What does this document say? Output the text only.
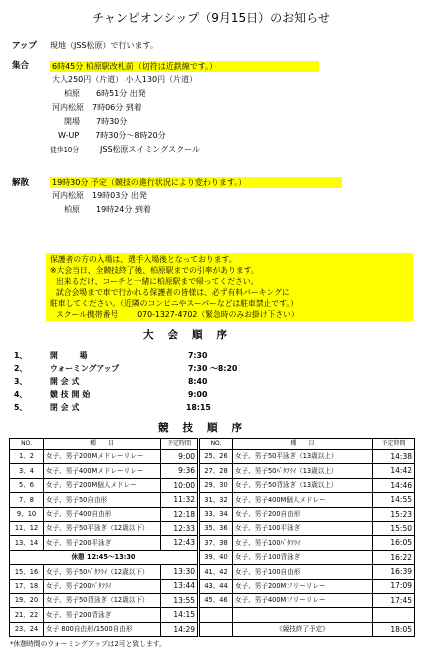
チャンピオンシップ（9月15日）のお知らせ
アップ 現地（JSS松原）で行います。
集合	6時45分 柏原駅改札前（切符は近鉄線です。）
大人250円（片道） 小人130円（片道）
柏原　　6時51分 出発
河内松原　7時06分 到着
開場　　7時30分
W-UP　　7時30分～8時20分
徒歩10分	JSS松原スイミングスクール
解散	19時30分 予定（競技の進行状況により変わります。）
河内松原　19時03分 出発
柏原　　19時24分 到着
保護者の方の入場は、選手入場後となっております。
※大会当日、全競技終了後、柏原駅までの引率があります。
出来るだけ、コーチと一緒に柏原駅まで帰ってください。
試合会場まで車で行かれる保護者の皆様は、必ず有料パーキングに
駐車してください。（近隣のコンビニやスーパーなどは駐車禁止です。）
スクール携帯番号 070-1327-4702（緊急時のみお掛け下さい）
大会順序
1、	開　場	7:30
2、	ウォーミングアップ	7:30 ～8:20
3、	開会式	8:40
4、	競技開始	9:00
5、	閉会式	18:15
競技順序
NO.	種　　目	予定時間	NO.	種　　目	予定時間
1、2	女子、男子200Mメドレーリレー	9:00	25、26	女子、男子50平泳ぎ（13歳以上）	14:38
3、4	女子、男子400Mメドレーリレー	9:36	27、28	女子、男子50ﾊﾞﾀﾌﾗｲ（13歳以上）	14:42
5、6	女子、男子200M個人メドレー	10:00	29、30	女子、男子50背泳ぎ（13歳以上）	14:46
7、8	女子、男子50自由形	11:32	31、32	女子、男子400M個人メドレー	14:55
9、10	女子、男子400自由形	12:18	33、34	女子、男子200自由形	15:23
11、12	女子、男子50平泳ぎ（12歳以下）	12:33	35、36	女子、男子100平泳ぎ	15:50
13、14	女子、男子200平泳ぎ	12:43	37、38	女子、男子100ﾊﾞﾀﾌﾗｲ	16:05
休憩 12:45～13:30			39、40	女子、男子100背泳ぎ	16:22
15、16	女子、男子50ﾊﾞﾀﾌﾗｲ（12歳以下）	13:30	41、42	女子、男子100自由形	16:39
17、18	女子、男子200ﾊﾞﾀﾌﾗｲ	13:44	43、44	女子、男子200Mフリーリレー	17:09
19、20	女子、男子50背泳ぎ（12歳以下）	13:55	45、46	女子、男子400Mフリーリレー	17:45
21、22	女子、男子200背泳ぎ	14:15			
23、24	女子 800自由形/1500自由形	14:29		《競技終了予定》	18:05
*休憩時間のウォーミングアップは2可と致します。
